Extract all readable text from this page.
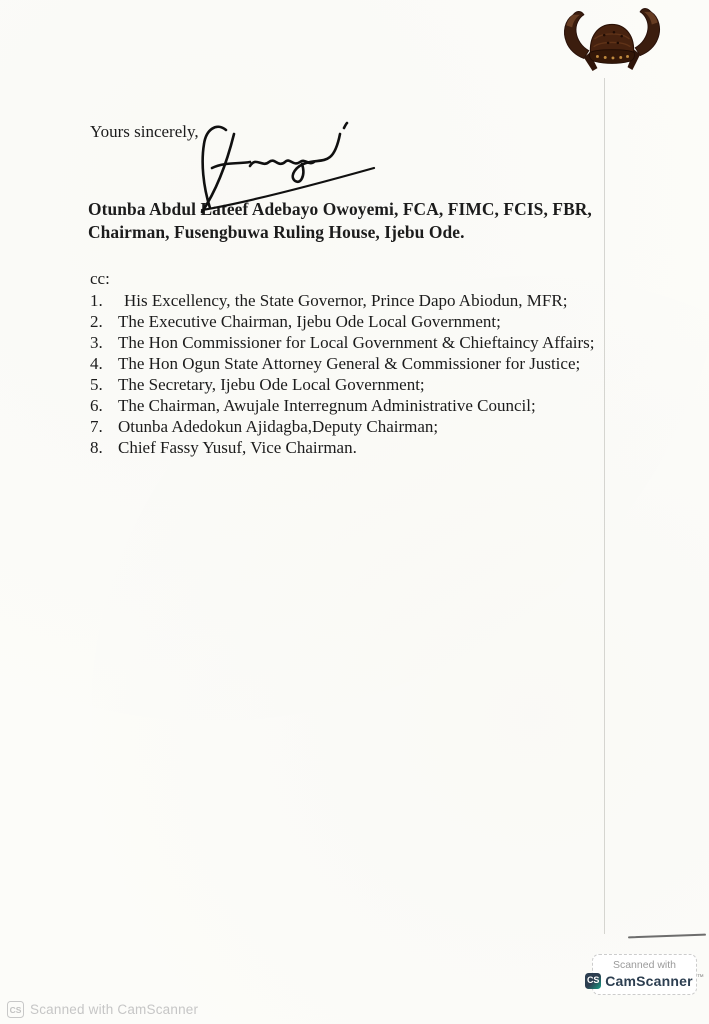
Yours sincerely,
Otunba Abdul Lateef Adebayo Owoyemi, FCA, FIMC, FCIS, FBR,
Chairman, Fusengbuwa Ruling House, Ijebu Ode.
cc:
1.	His Excellency, the State Governor, Prince Dapo Abiodun, MFR;
2. The Executive Chairman, Ijebu Ode Local Government;
3. The Hon Commissioner for Local Government & Chieftaincy Affairs;
4. The Hon Ogun State Attorney General & Commissioner for Justice;
5. The Secretary, Ijebu Ode Local Government;
6. The Chairman, Awujale Interregnum Administrative Council;
7. Otunba Adedokun Ajidagba,Deputy Chairman;
8. Chief Fassy Yusuf, Vice Chairman.
Scanned with
CS CamScanner ™
CS Scanned with CamScanner
